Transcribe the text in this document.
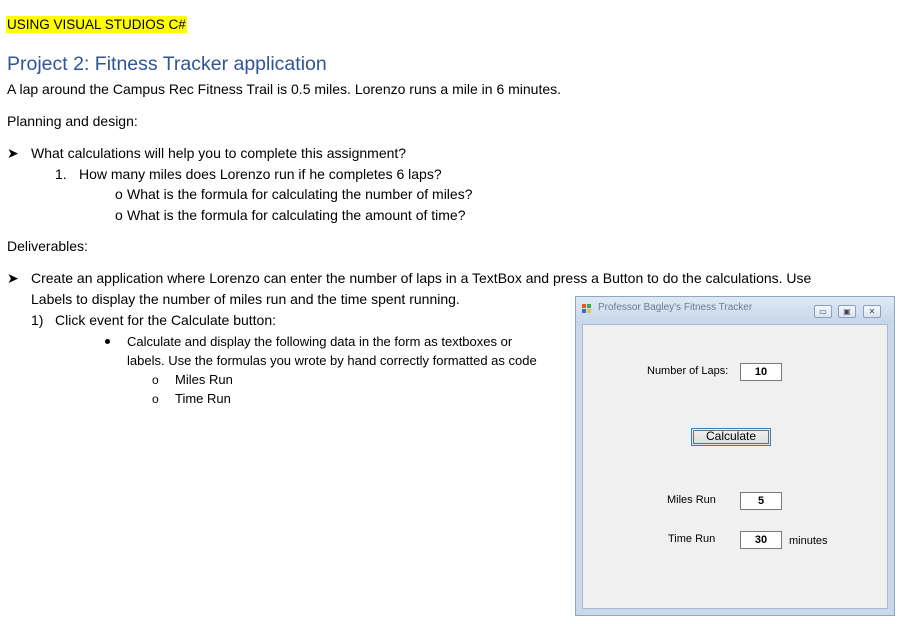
USING VISUAL STUDIOS C#
Project 2: Fitness Tracker application
A lap around the Campus Rec Fitness Trail is 0.5 miles. Lorenzo runs a mile in 6 minutes.
Planning and design:
➤ What calculations will help you to complete this assignment?
1. How many miles does Lorenzo run if he completes 6 laps?
o What is the formula for calculating the number of miles?
o What is the formula for calculating the amount of time?
Deliverables:
➤ Create an application where Lorenzo can enter the number of laps in a TextBox and press a Button to do the calculations. Use
Labels to display the number of miles run and the time spent running.
1) Click event for the Calculate button:
Calculate and display the following data in the form as textboxes or
labels. Use the formulas you wrote by hand correctly formatted as code
o Miles Run
o Time Run
Professor Bagley's Fitness Tracker	▭	▣	✕
Number of Laps:	10
Calculate
Miles Run	5
Time Run	30	minutes
